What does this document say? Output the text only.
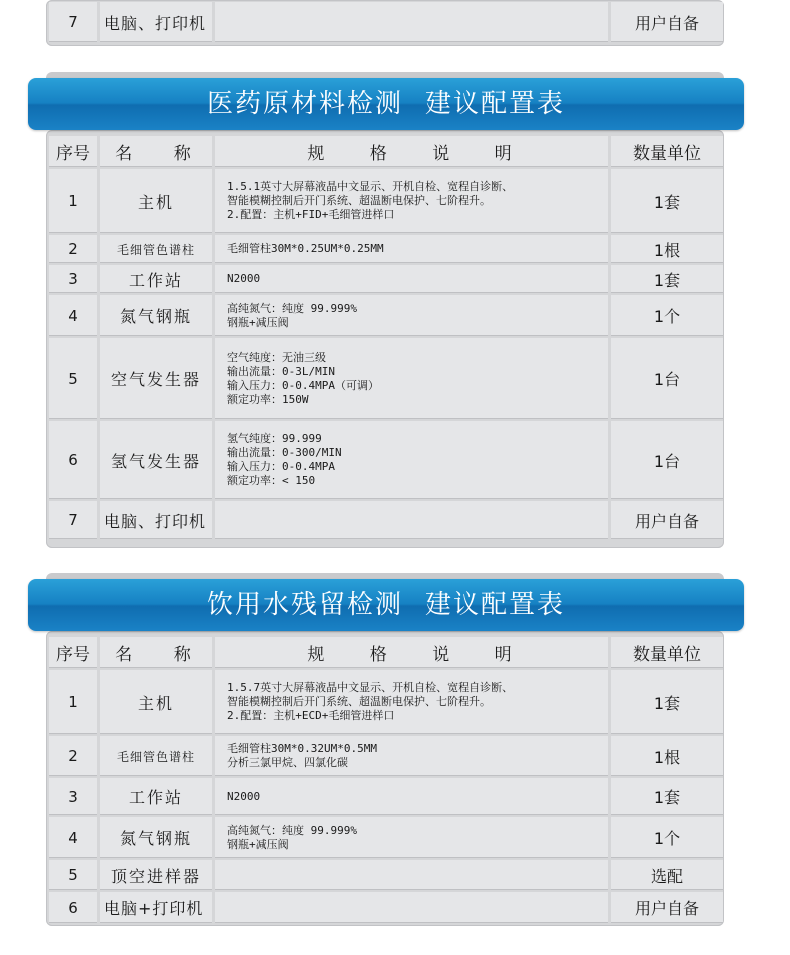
7	电脑、打印机		用户自备
医药原材料检测 建议配置表
序号	名 称	规 格 说 明	数量单位
1	主机	1.5.1英寸大屏幕液晶中文显示、开机自检、宽程自诊断、
智能模糊控制后开门系统、超温断电保护、七阶程升。
2.配置：主机+FID+毛细管进样口	1套
2	毛细管色谱柱	毛细管柱30M*0.25UM*0.25MM	1根
3	工作站	N2000	1套
4	氮气钢瓶	高纯氮气：纯度 99.999%
钢瓶+减压阀	1个
5	空气发生器	空气纯度：无油三级
输出流量：0-3L/MIN
输入压力：0-0.4MPA（可调）
额定功率：150W	1台
6	氢气发生器	氢气纯度：99.999
输出流量：0-300/MIN
输入压力：0-0.4MPA
额定功率：< 150	1台
7	电脑、打印机		用户自备
饮用水残留检测 建议配置表
序号	名 称	规 格 说 明	数量单位
1	主机	1.5.7英寸大屏幕液晶中文显示、开机自检、宽程自诊断、
智能模糊控制后开门系统、超温断电保护、七阶程升。
2.配置：主机+ECD+毛细管进样口	1套
2	毛细管色谱柱	毛细管柱30M*0.32UM*0.5MM
分析三氯甲烷、四氯化碳	1根
3	工作站	N2000	1套
4	氮气钢瓶	高纯氮气：纯度 99.999%
钢瓶+减压阀	1个
5	顶空进样器		选配
6	电脑+打印机		用户自备
